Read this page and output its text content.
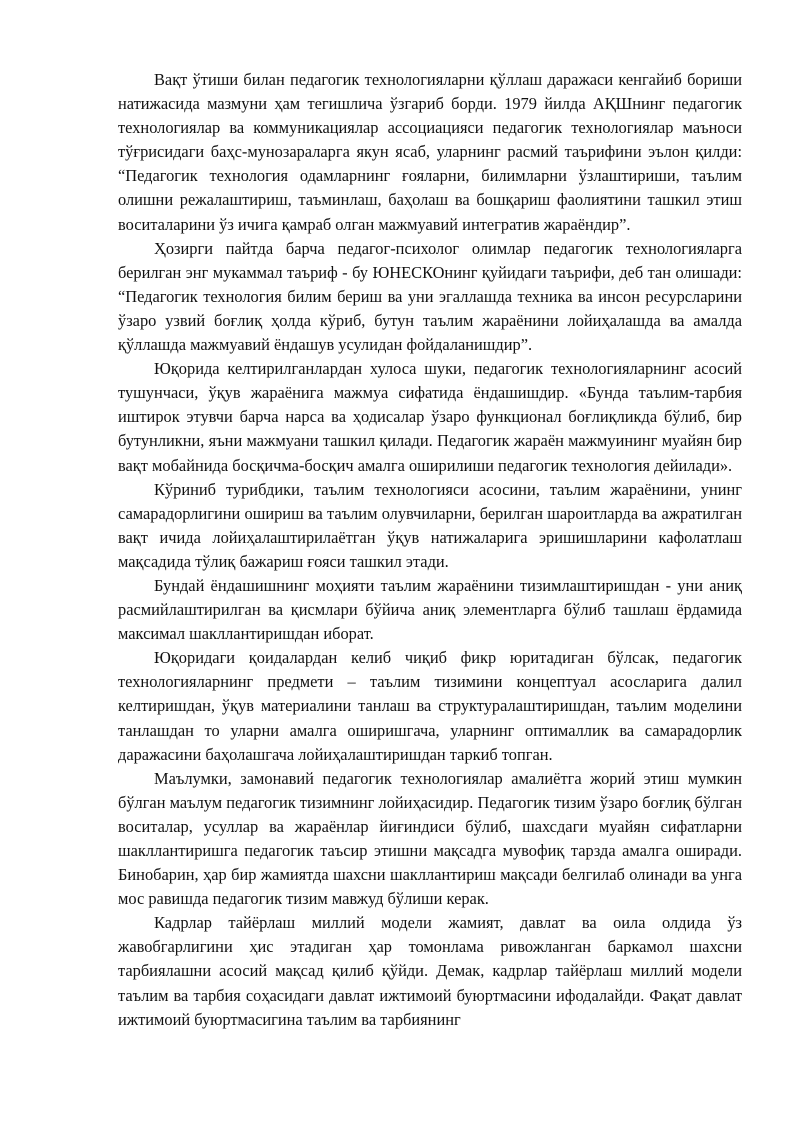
Вақт ўтиши билан педагогик технологияларни қўллаш даражаси кенгайиб бориши натижасида мазмуни ҳам тегишлича ўзгариб борди. 1979 йилда АҚШнинг педагогик технологиялар ва коммуникациялар ассоциацияси педагогик технологиялар маъноси тўғрисидаги баҳс-мунозараларга якун ясаб, уларнинг расмий таърифини эълон қилди: “Педагогик технология одамларнинг ғояларни, билимларни ўзлаштириши, таълим олишни режалаштириш, таъминлаш, баҳолаш ва бошқариш фаолиятини ташкил этиш воситаларини ўз ичига қамраб олган мажмуавий интегратив жараёндир”.

Ҳозирги пайтда барча педагог-психолог олимлар педагогик технологияларга берилган энг мукаммал таъриф - бу ЮНЕСКОнинг қуйидаги таърифи, деб тан олишади: “Педагогик технология билим бериш ва уни эгаллашда техника ва инсон ресурсларини ўзаро узвий боғлиқ ҳолда кўриб, бутун таълим жараёнини лойиҳалашда ва амалда қўллашда мажмуавий ёндашув усулидан фойдаланишдир”.

Юқорида келтирилганлардан хулоса шуки, педагогик технологияларнинг асосий тушунчаси, ўқув жараёнига мажмуа сифатида ёндашишдир. «Бунда таълим-тарбия иштирок этувчи барча нарса ва ҳодисалар ўзаро функционал боғлиқликда бўлиб, бир бутунликни, яъни мажмуани ташкил қилади. Педагогик жараён мажмуининг муайян бир вақт мобайнида босқичма-босқич амалга оширилиши педагогик технология дейилади».

Кўриниб турибдики, таълим технологияси асосини, таълим жараёнини, унинг самарадорлигини ошириш ва таълим олувчиларни, берилган шароитларда ва ажратилган вақт ичида лойиҳалаштирилаётган ўқув натижаларига эришишларини кафолатлаш мақсадида тўлиқ бажариш ғояси ташкил этади.

Бундай ёндашишнинг моҳияти таълим жараёнини тизимлаштиришдан - уни аниқ расмийлаштирилган ва қисмлари бўйича аниқ элементларга бўлиб ташлаш ёрдамида максимал шакллантиришдан иборат.

Юқоридаги қоидалардан келиб чиқиб фикр юритадиган бўлсак, педагогик технологияларнинг предмети – таълим тизимини концептуал асосларига далил келтиришдан, ўқув материалини танлаш ва структуралаштиришдан, таълим моделини танлашдан то уларни амалга оширишгача, уларнинг оптималлик ва самарадорлик даражасини баҳолашгача лойиҳалаштиришдан таркиб топган.

Маълумки, замонавий педагогик технологиялар амалиётга жорий этиш мумкин бўлган маълум педагогик тизимнинг лойиҳасидир. Педагогик тизим ўзаро боғлиқ бўлган воситалар, усуллар ва жараёнлар йиғиндиси бўлиб, шахсдаги муайян сифатларни шакллантиришга педагогик таъсир этишни мақсадга мувофиқ тарзда амалга оширади. Бинобарин, ҳар бир жамиятда шахсни шакллантириш мақсади белгилаб олинади ва унга мос равишда педагогик тизим мавжуд бўлиши керак.

Кадрлар тайёрлаш миллий модели жамият, давлат ва оила олдида ўз жавобгарлигини ҳис этадиган ҳар томонлама ривожланган баркамол шахсни тарбиялашни асосий мақсад қилиб қўйди. Демак, кадрлар тайёрлаш миллий модели таълим ва тарбия соҳасидаги давлат ижтимоий буюртмасини ифодалайди. Фақат давлат ижтимоий буюртмасигина таълим ва тарбиянинг
